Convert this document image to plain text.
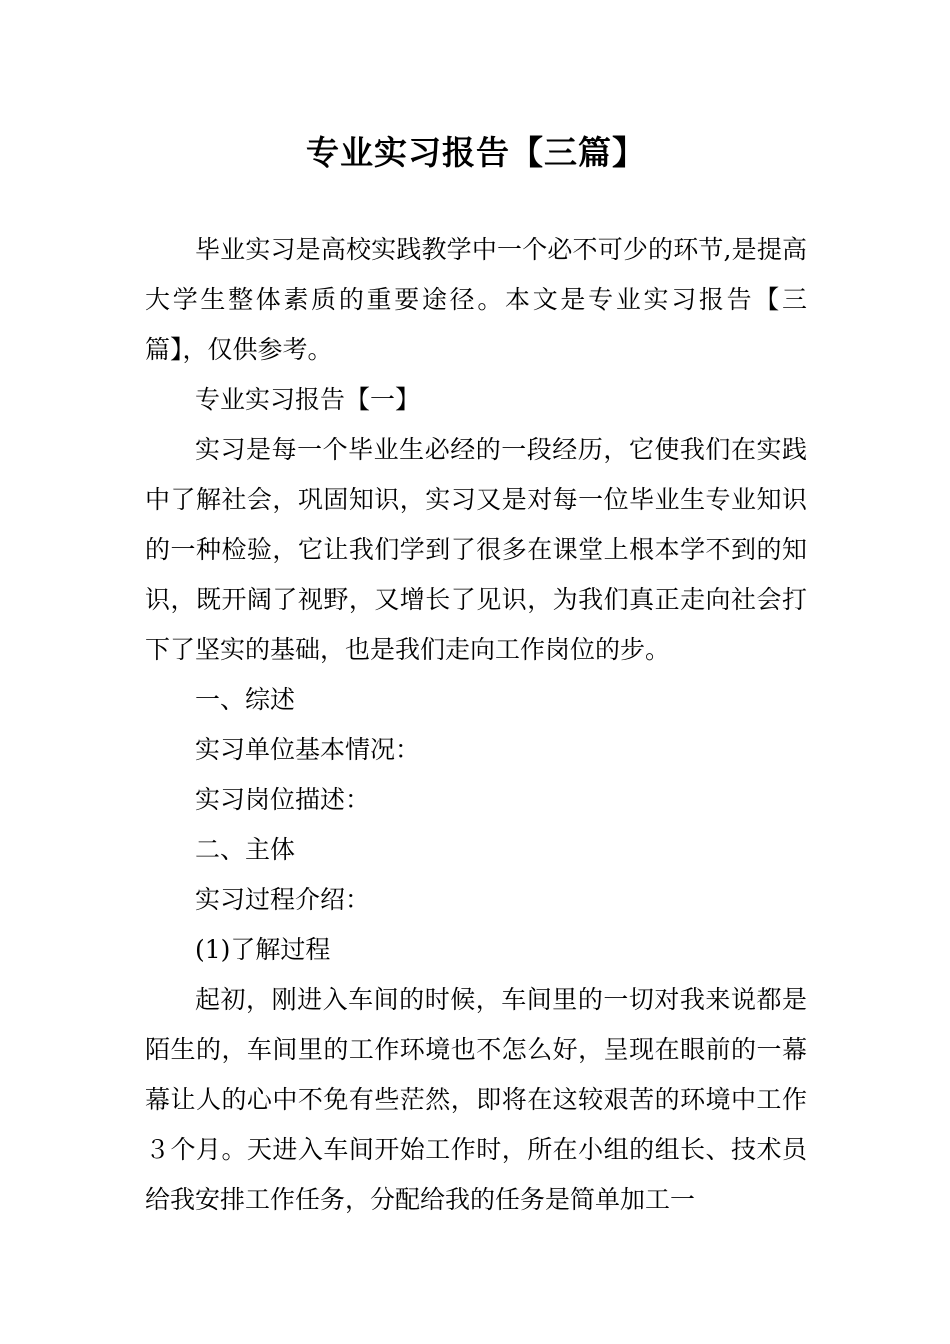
专业实习报告【三篇】

毕业实习是高校实践教学中一个必不可少的环节,是提高大学生整体素质的重要途径。本文是专业实习报告【三篇】，仅供参考。

专业实习报告【一】

实习是每一个毕业生必经的一段经历，它使我们在实践中了解社会，巩固知识，实习又是对每一位毕业生专业知识的一种检验，它让我们学到了很多在课堂上根本学不到的知识，既开阔了视野，又增长了见识，为我们真正走向社会打下了坚实的基础，也是我们走向工作岗位的步。

一、综述

实习单位基本情况：

实习岗位描述：

二、主体

实习过程介绍：

(1)了解过程

起初，刚进入车间的时候，车间里的一切对我来说都是陌生的，车间里的工作环境也不怎么好，呈现在眼前的一幕幕让人的心中不免有些茫然，即将在这较艰苦的环境中工作３个月。天进入车间开始工作时，所在小组的组长、技术员给我安排工作任务，分配给我的任务是简单加工一
